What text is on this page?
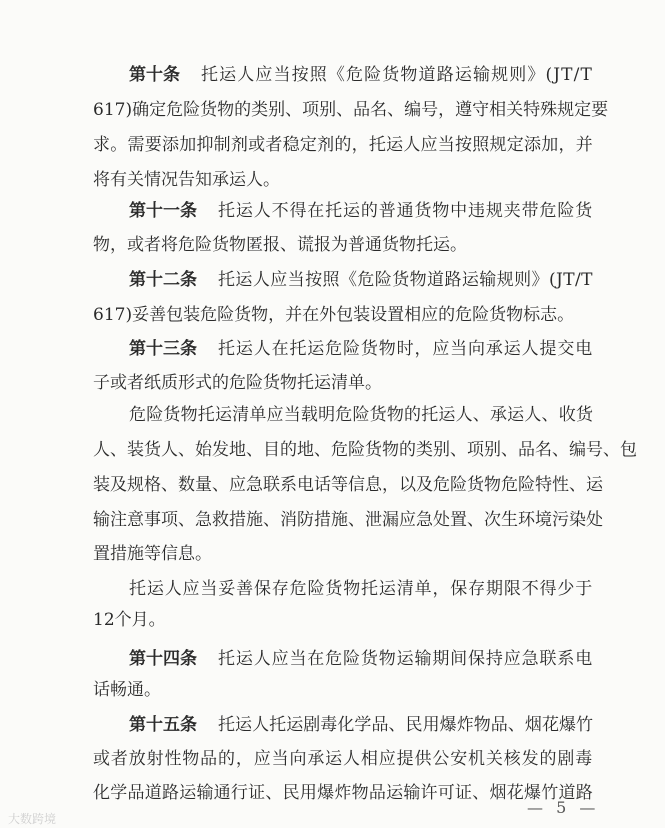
第十条 托运人应当按照《危险货物道路运输规则》(JT/T
617)确定危险货物的类别、项别、品名、编号，遵守相关特殊规定要
求。需要添加抑制剂或者稳定剂的，托运人应当按照规定添加，并
将有关情况告知承运人。
第十一条 托运人不得在托运的普通货物中违规夹带危险货
物，或者将危险货物匿报、谎报为普通货物托运。
第十二条 托运人应当按照《危险货物道路运输规则》(JT/T
617)妥善包装危险货物，并在外包装设置相应的危险货物标志。
第十三条 托运人在托运危险货物时，应当向承运人提交电
子或者纸质形式的危险货物托运清单。
危险货物托运清单应当载明危险货物的托运人、承运人、收货
人、装货人、始发地、目的地、危险货物的类别、项别、品名、编号、包
装及规格、数量、应急联系电话等信息，以及危险货物危险特性、运
输注意事项、急救措施、消防措施、泄漏应急处置、次生环境污染处
置措施等信息。
托运人应当妥善保存危险货物托运清单，保存期限不得少于
12个月。
第十四条 托运人应当在危险货物运输期间保持应急联系电
话畅通。
第十五条 托运人托运剧毒化学品、民用爆炸物品、烟花爆竹
或者放射性物品的，应当向承运人相应提供公安机关核发的剧毒
化学品道路运输通行证、民用爆炸物品运输许可证、烟花爆竹道路
— 5 —
大数跨境
